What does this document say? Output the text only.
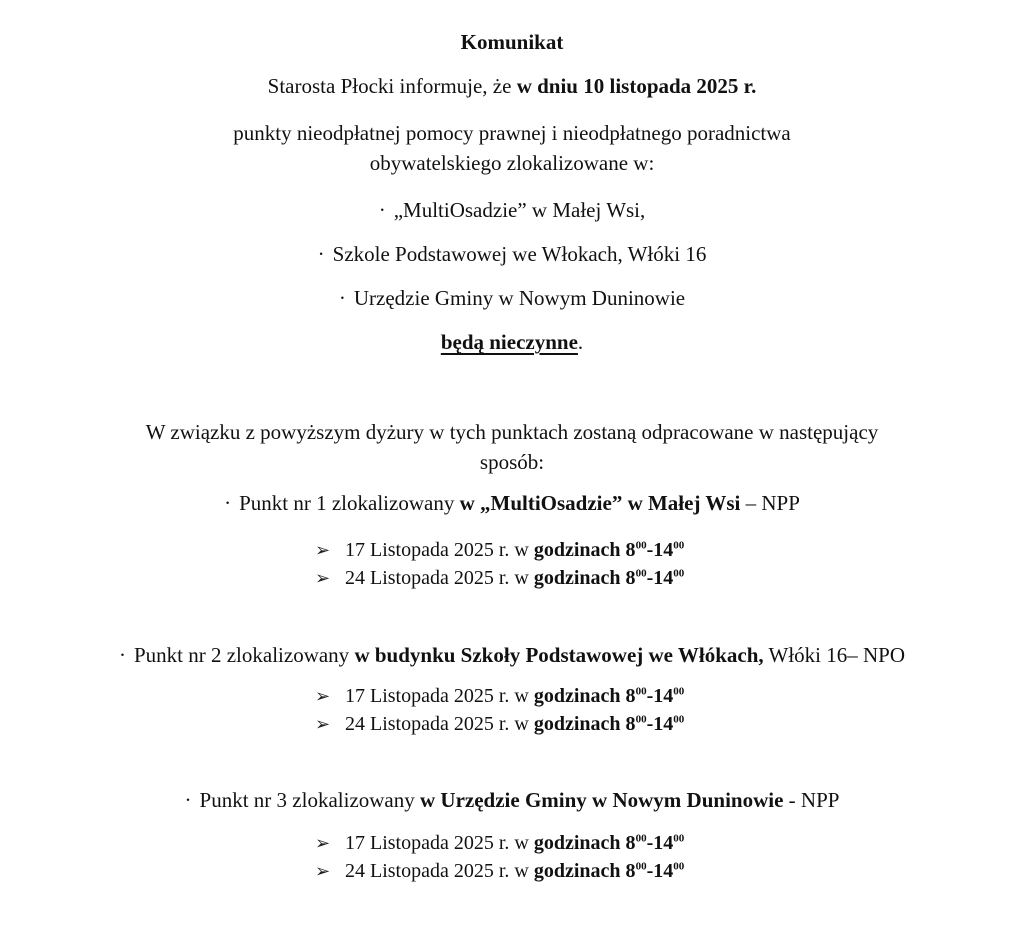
Komunikat

Starosta Płocki informuje, że w dniu 10 listopada 2025 r.

punkty nieodpłatnej pomocy prawnej i nieodpłatnego poradnictwa
obywatelskiego zlokalizowane w:

· „MultiOsadzie” w Małej Wsi,

· Szkole Podstawowej we Włokach, Włóki 16

· Urzędzie Gminy w Nowym Duninowie

będą nieczynne.

W związku z powyższym dyżury w tych punktach zostaną odpracowane w następujący
sposób:

· Punkt nr 1 zlokalizowany w „MultiOsadzie” w Małej Wsi – NPP

➢ 17 Listopada 2025 r. w godzinach $8^{00}-14^{00}$
➢ 24 Listopada 2025 r. w godzinach $8^{00}-14^{00}$

· Punkt nr 2 zlokalizowany w budynku Szkoły Podstawowej we Włókach, Włóki 16– NPO

➢ 17 Listopada 2025 r. w godzinach $8^{00}-14^{00}$
➢ 24 Listopada 2025 r. w godzinach $8^{00}-14^{00}$

· Punkt nr 3 zlokalizowany w Urzędzie Gminy w Nowym Duninowie - NPP

➢ 17 Listopada 2025 r. w godzinach $8^{00}-14^{00}$
➢ 24 Listopada 2025 r. w godzinach $8^{00}-14^{00}$
